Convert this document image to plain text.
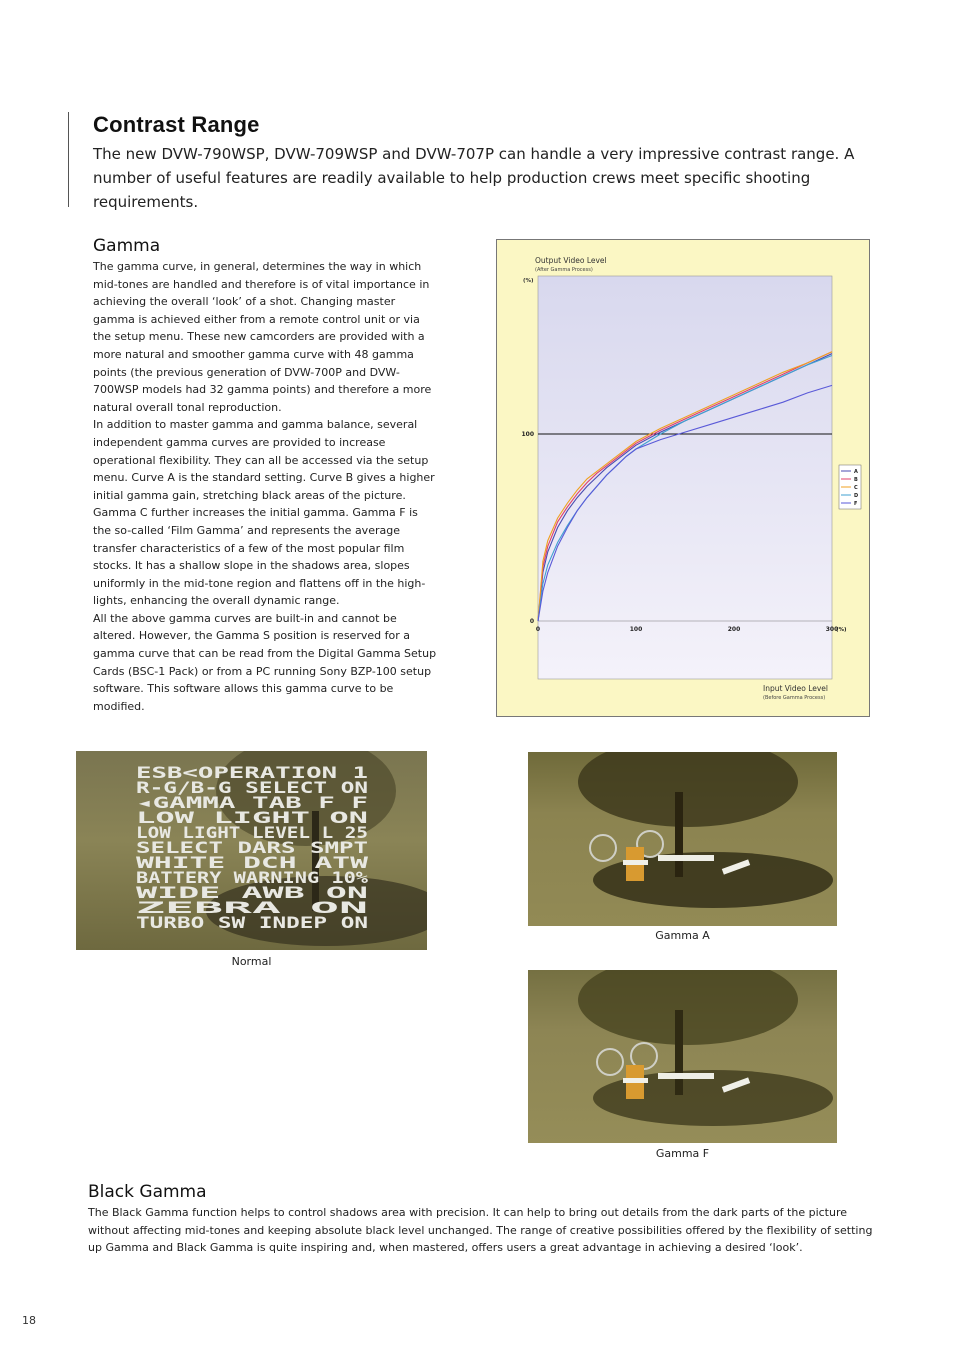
Contrast Range
The new DVW-790WSP, DVW-709WSP and DVW-707P can handle a very impressive contrast range. A number of useful features are readily available to help production crews meet specific shooting requirements.
Gamma

The gamma curve, in general, determines the way in which mid-tones are handled and therefore is of vital importance in achieving the overall ‘look’ of a shot. Changing master gamma is achieved either from a remote control unit or via the setup menu. These new camcorders are provided with a more natural and smoother gamma curve with 48 gamma points (the previous generation of DVW-700P and DVW-700WSP models had 32 gamma points) and therefore a more natural overall tonal reproduction.

In addition to master gamma and gamma balance, several independent gamma curves are provided to increase operational flexibility. They can all be accessed via the setup menu. Curve A is the standard setting. Curve B gives a higher initial gamma gain, stretching black areas of the picture. Gamma C further increases the initial gamma. Gamma F is the so-called ‘Film Gamma’ and represents the average transfer characteristics of a few of the most popular film stocks. It has a shallow slope in the shadows area, slopes uniformly in the mid-tone region and flattens off in the high-lights, enhancing the overall dynamic range.

All the above gamma curves are built-in and cannot be altered. However, the Gamma S position is reserved for a gamma curve that can be read from the Digital Gamma Setup Cards (BSC-1 Pack) or from a PC running Sony BZP-100 setup software. This software allows this gamma curve to be modified.

Output Video Level
(After Gamma Process)
(%)
A
B
C
D
F
Input Video Level
(Before Gamma Process)
0	100	200	300
(%)
0
100
ESB<OPERATION 1
R-G/B-G SELECT ON
◂GAMMA TAB F F
LOW LIGHT ON
LOW LIGHT LEVEL L 25
SELECT DARS SMPT
WHITE DCH ATW
BATTERY WARNING 10%
WIDE AWB ON
ZEBRA ON
TURBO SW INDEP ON
Normal
Gamma A
Gamma F
Black Gamma
The Black Gamma function helps to control shadows area with precision. It can help to bring out details from the dark parts of the picture without affecting mid-tones and keeping absolute black level unchanged. The range of creative possibilities offered by the flexibility of setting up Gamma and Black Gamma is quite inspiring and, when mastered, offers users a great advantage in achieving a desired ‘look’.
18
